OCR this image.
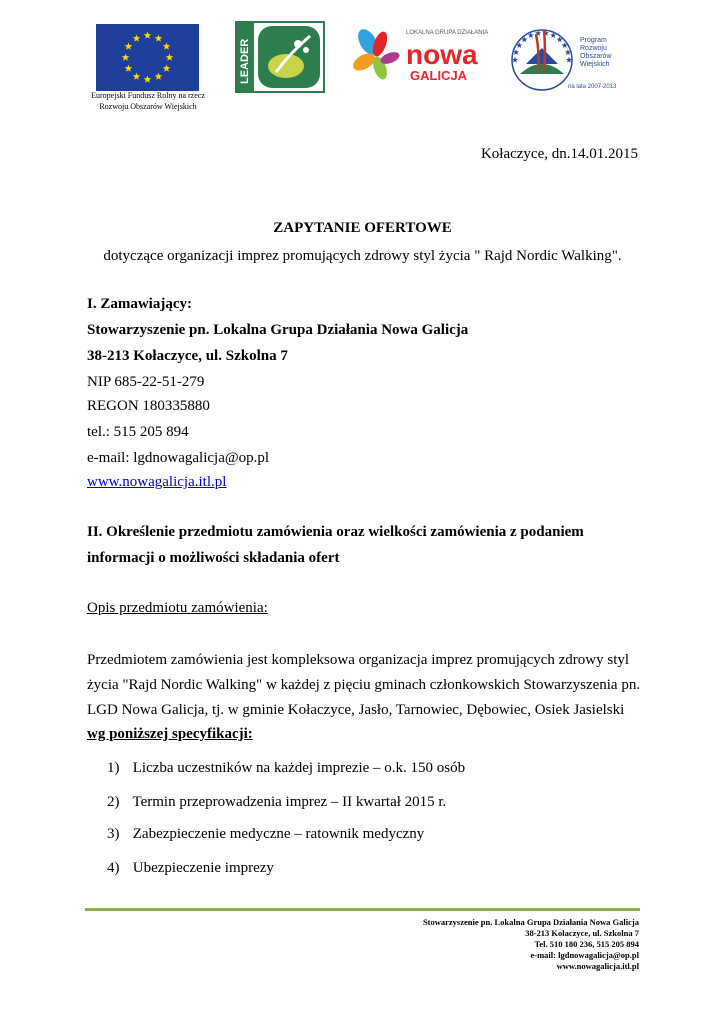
Europejski Fundusz Rolny na rzecz
Rozwoju Obszarów Wiejskich
LEADER
LOKALNA GRUPA DZIAŁANIA
nowa
GALICJA
Program
Rozwoju
Obszarów
Wiejskich
na lata 2007-2013
Kołaczyce, dn.14.01.2015
ZAPYTANIE OFERTOWE
dotyczące organizacji imprez promujących zdrowy styl życia " Rajd Nordic Walking".
I. Zamawiający:
Stowarzyszenie pn. Lokalna Grupa Działania Nowa Galicja
38-213 Kołaczyce, ul. Szkolna 7
NIP 685-22-51-279
REGON 180335880
tel.: 515 205 894
e-mail: lgdnowagalicja@op.pl
www.nowagalicja.itl.pl
II. Określenie przedmiotu zamówienia oraz wielkości zamówienia z podaniem
informacji o możliwości składania ofert
Opis przedmiotu zamówienia:
Przedmiotem zamówienia jest kompleksowa organizacja imprez promujących zdrowy styl
życia "Rajd Nordic Walking" w każdej z pięciu gminach członkowskich Stowarzyszenia pn.
LGD Nowa Galicja, tj. w gminie Kołaczyce, Jasło, Tarnowiec, Dębowiec, Osiek Jasielski
wg poniższej specyfikacji:
1) Liczba uczestników na każdej imprezie – o.k. 150 osób
2) Termin przeprowadzenia imprez – II kwartał 2015 r.
3) Zabezpieczenie medyczne – ratownik medyczny
4) Ubezpieczenie imprezy
Stowarzyszenie pn. Lokalna Grupa Działania Nowa Galicja
38-213 Kołaczyce, ul. Szkolna 7
Tel. 510 180 236, 515 205 894
e-mail: lgdnowagalicja@op.pl
www.nowagalicja.itl.pl
